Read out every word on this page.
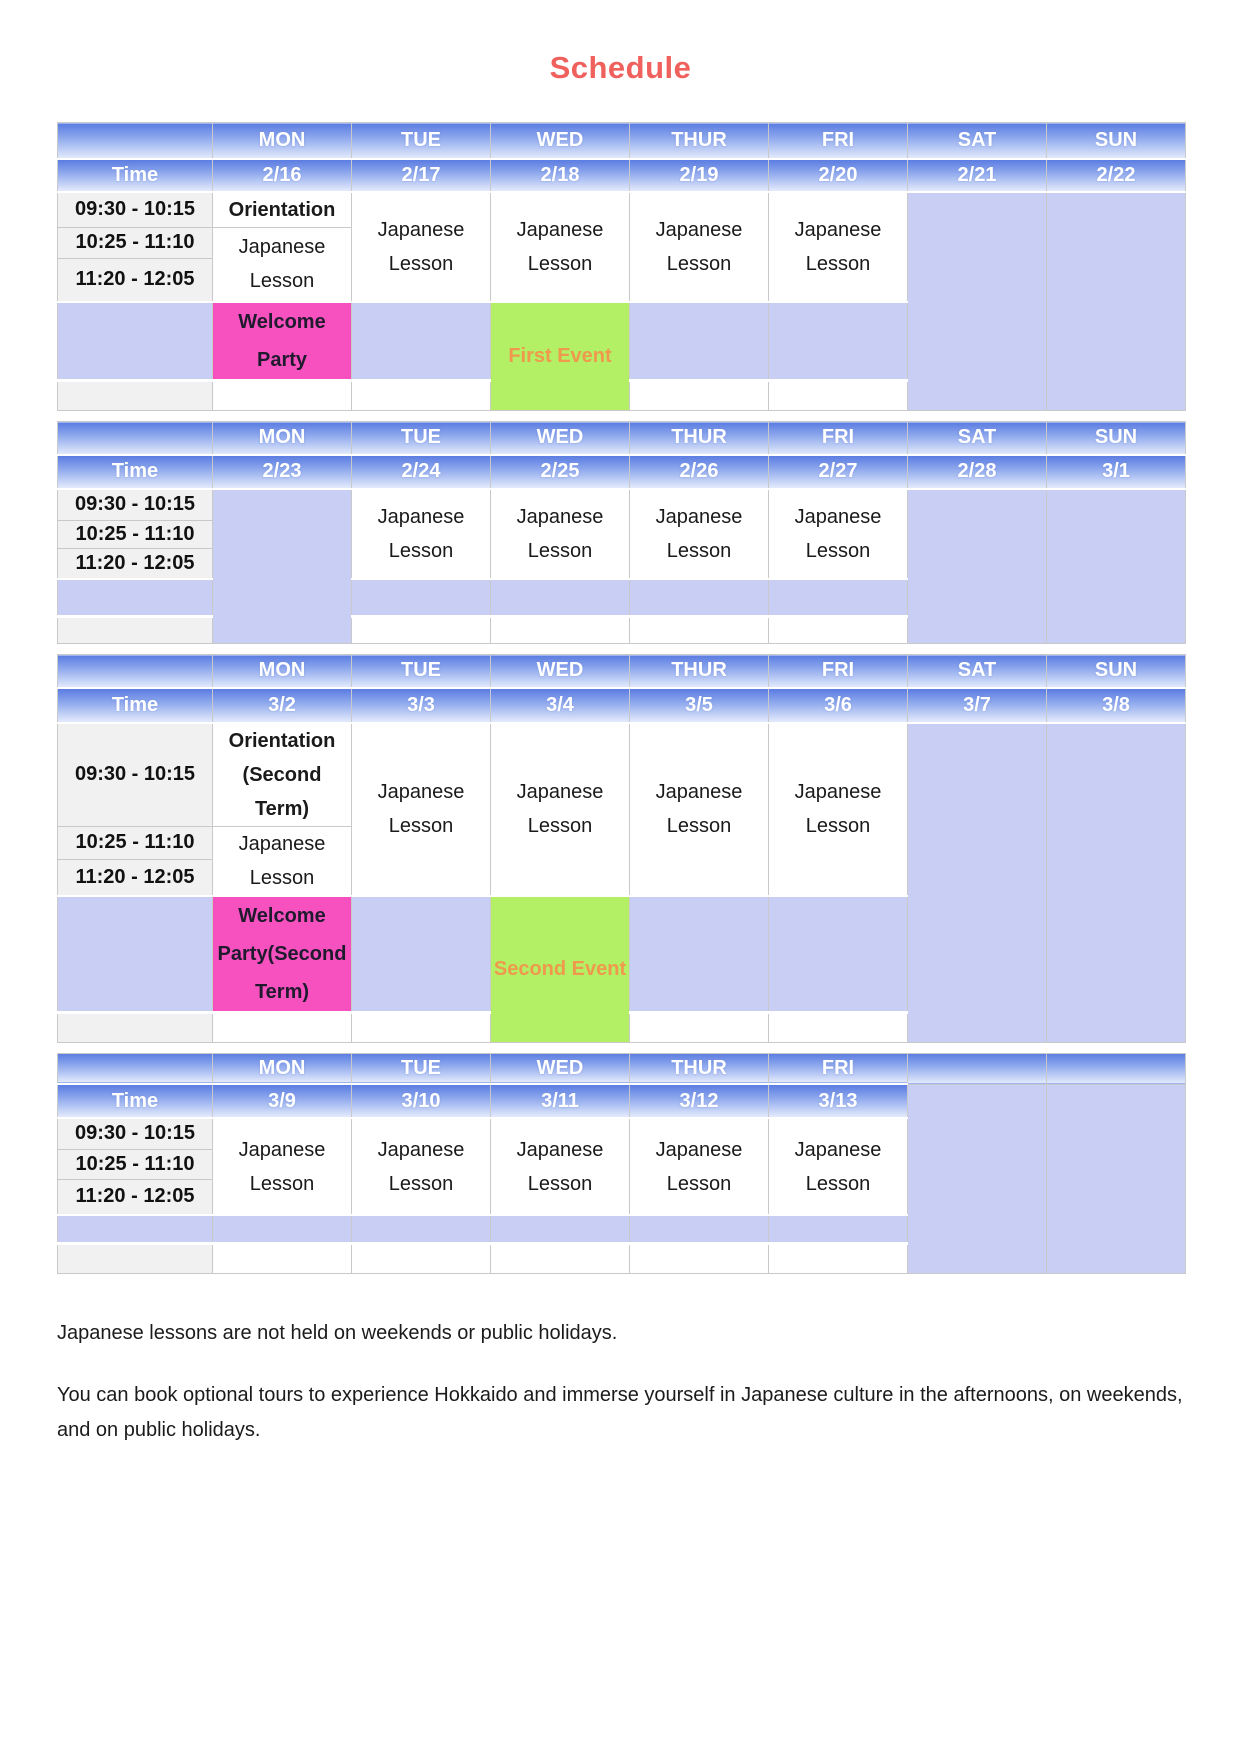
Schedule
	MON	TUE	WED	THUR	FRI	SAT	SUN
Time	2/16	2/17	2/18	2/19	2/20	2/21	2/22
09:30 - 10:15	Orientation	Japanese Lesson	Japanese Lesson	Japanese Lesson	Japanese Lesson		
10:25 - 11:10	Japanese Lesson						
11:20 - 12:05							
	Welcome Party		First Event				

	MON	TUE	WED	THUR	FRI	SAT	SUN
Time	2/23	2/24	2/25	2/26	2/27	2/28	3/1
09:30 - 10:15		Japanese Lesson	Japanese Lesson	Japanese Lesson	Japanese Lesson		
10:25 - 11:10							
11:20 - 12:05							

	MON	TUE	WED	THUR	FRI	SAT	SUN
Time	3/2	3/3	3/4	3/5	3/6	3/7	3/8
09:30 - 10:15	Orientation (Second Term)	Japanese Lesson	Japanese Lesson	Japanese Lesson	Japanese Lesson		
10:25 - 11:10	Japanese Lesson						
11:20 - 12:05							
	Welcome Party(Second Term)		Second Event				

	MON	TUE	WED	THUR	FRI		
Time	3/9	3/10	3/11	3/12	3/13		
09:30 - 10:15	Japanese Lesson	Japanese Lesson	Japanese Lesson	Japanese Lesson	Japanese Lesson		
10:25 - 11:10							
11:20 - 12:05							

Japanese lessons are not held on weekends or public holidays.

You can book optional tours to experience Hokkaido and immerse yourself in Japanese culture in the afternoons, on weekends, and on public holidays.
